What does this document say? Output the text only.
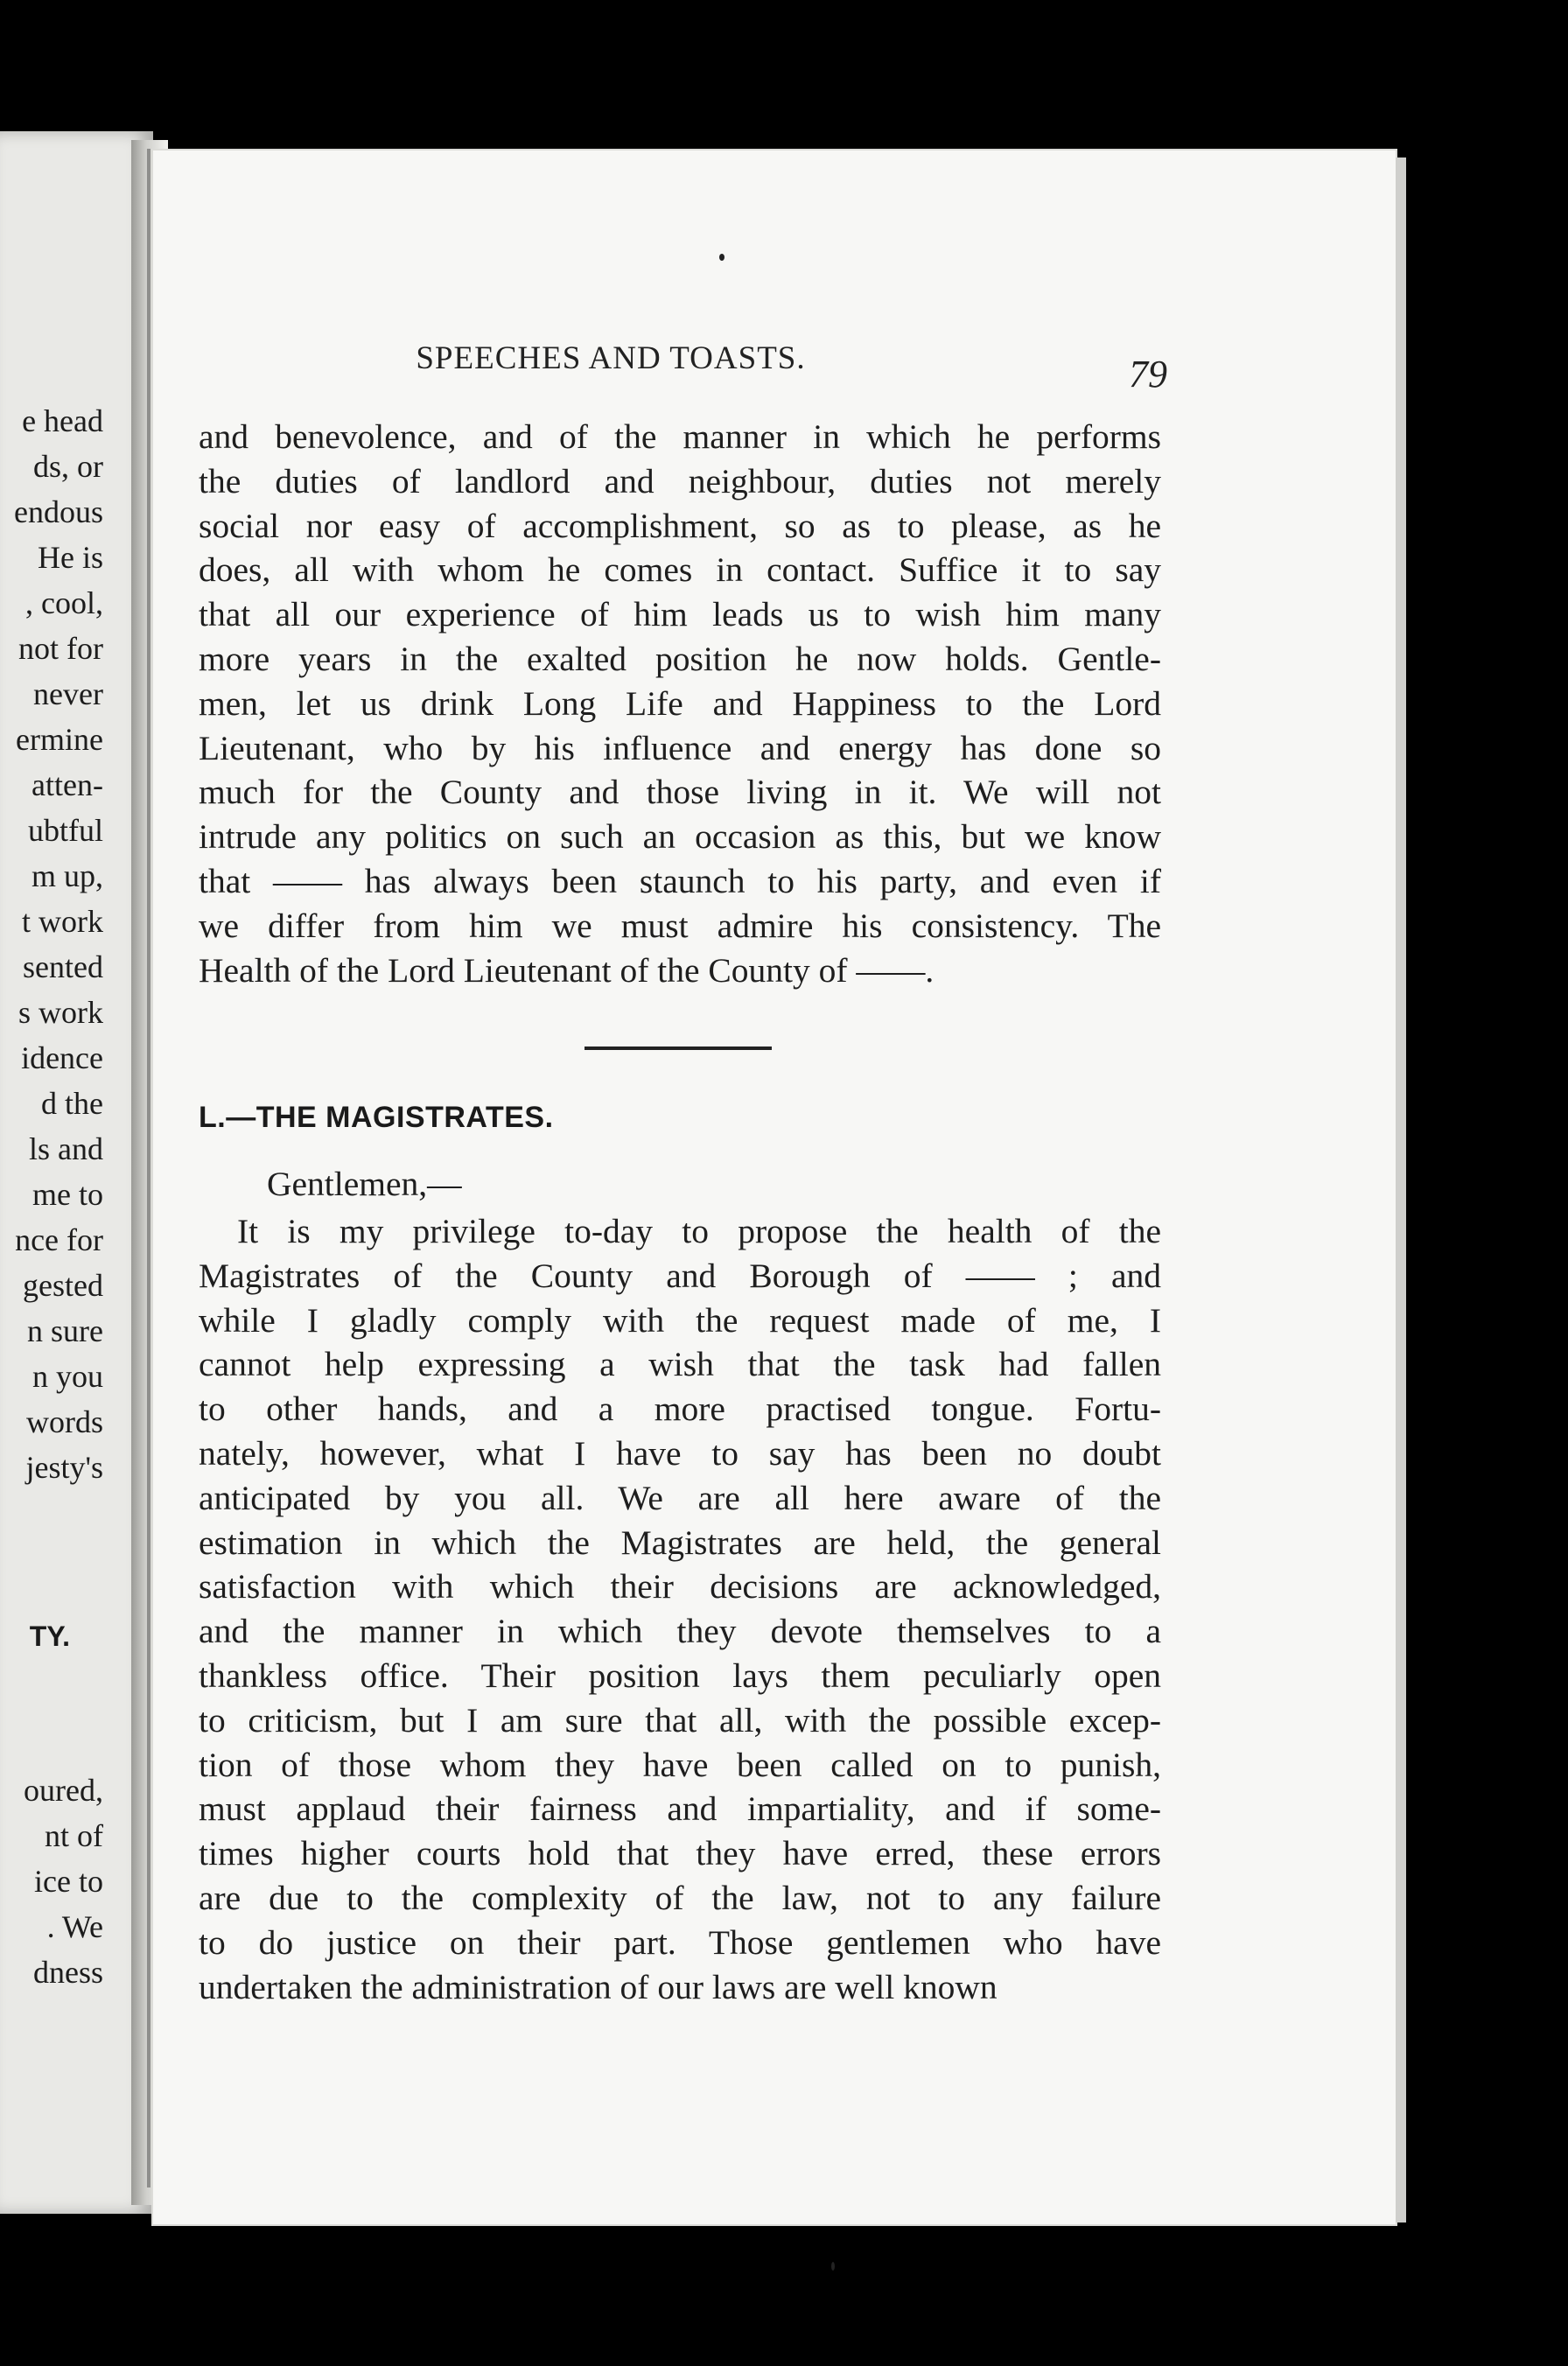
e head
ds, or
endous
He is
, cool,
not for
never
ermine
atten-
ubtful
m up,
t work
sented
s work
idence
d the
ls and
me to
nce for
gested
n sure
n you
words
jesty's
TY.
oured,
nt of
ice to
. We
dness
SPEECHES AND TOASTS.	79
and benevolence, and of the manner in which he performs
the duties of landlord and neighbour, duties not merely
social nor easy of accomplishment, so as to please, as he
does, all with whom he comes in contact. Suffice it to say
that all our experience of him leads us to wish him many
more years in the exalted position he now holds. Gentle-
men, let us drink Long Life and Happiness to the Lord
Lieutenant, who by his influence and energy has done so
much for the County and those living in it. We will not
intrude any politics on such an occasion as this, but we know
that —— has always been staunch to his party, and even if
we differ from him we must admire his consistency. The
Health of the Lord Lieutenant of the County of ——.
L.—THE MAGISTRATES.
Gentlemen,—
It is my privilege to-day to propose the health of the
Magistrates of the County and Borough of —— ; and
while I gladly comply with the request made of me, I
cannot help expressing a wish that the task had fallen
to other hands, and a more practised tongue. Fortu-
nately, however, what I have to say has been no doubt
anticipated by you all. We are all here aware of the
estimation in which the Magistrates are held, the general
satisfaction with which their decisions are acknowledged,
and the manner in which they devote themselves to a
thankless office. Their position lays them peculiarly open
to criticism, but I am sure that all, with the possible excep-
tion of those whom they have been called on to punish,
must applaud their fairness and impartiality, and if some-
times higher courts hold that they have erred, these errors
are due to the complexity of the law, not to any failure
to do justice on their part. Those gentlemen who have
undertaken the administration of our laws are well known
